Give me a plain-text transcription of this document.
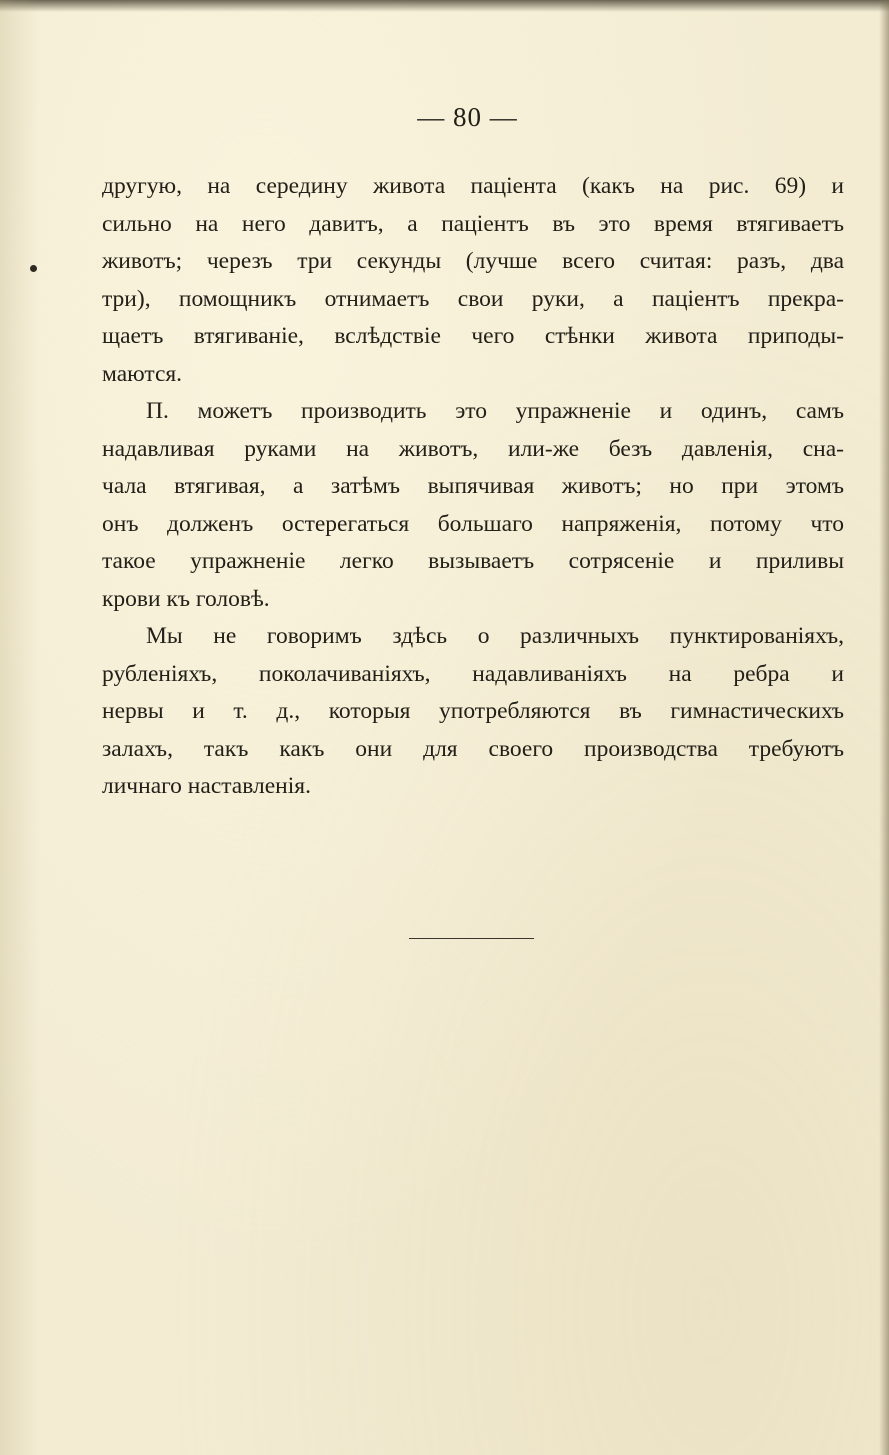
— 80 —

другую, на середину живота паціента (какъ на рис. 69) и
сильно на него давитъ, а паціентъ въ это время втягиваетъ
животъ; черезъ три секунды (лучше всего считая: разъ, два
три), помощникъ отнимаетъ свои руки, а паціентъ прекра-
щаетъ втягиваніе, вслѣдствіе чего стѣнки живота приподы-
маются.

П. можетъ производить это упражненіе и одинъ, самъ
надавливая руками на животъ, или-же безъ давленія, сна-
чала втягивая, а затѣмъ выпячивая животъ; но при этомъ
онъ долженъ остерегаться большаго напряженія, потому что
такое упражненіе легко вызываетъ сотрясеніе и приливы
крови къ головѣ.

Мы не говоримъ здѣсь о различныхъ пунктированіяхъ,
рубленіяхъ, поколачиваніяхъ, надавливаніяхъ на ребра и
нервы и т. д., которыя употребляются въ гимнастическихъ
залахъ, такъ какъ они для своего производства требуютъ
личнаго наставленія.
